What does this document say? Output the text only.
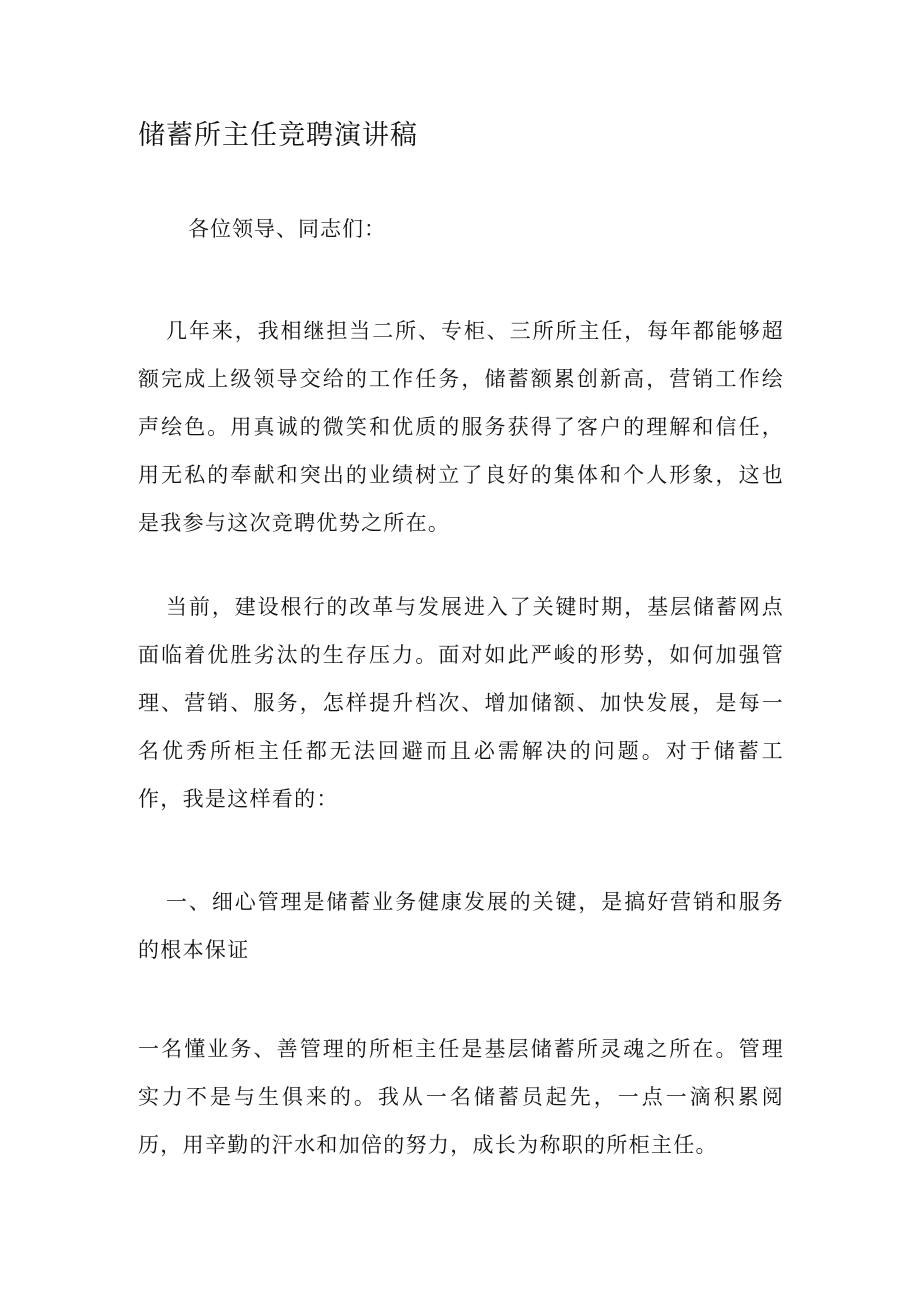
储蓄所主任竞聘演讲稿

各位领导、同志们：

几年来，我相继担当二所、专柜、三所所主任，每年都能够超额完成上级领导交给的工作任务，储蓄额累创新高，营销工作绘声绘色。用真诚的微笑和优质的服务获得了客户的理解和信任，用无私的奉献和突出的业绩树立了良好的集体和个人形象，这也是我参与这次竞聘优势之所在。

当前，建设根行的改革与发展进入了关键时期，基层储蓄网点面临着优胜劣汰的生存压力。面对如此严峻的形势，如何加强管理、营销、服务，怎样提升档次、增加储额、加快发展，是每一名优秀所柜主任都无法回避而且必需解决的问题。对于储蓄工作，我是这样看的：

一、细心管理是储蓄业务健康发展的关键，是搞好营销和服务的根本保证

一名懂业务、善管理的所柜主任是基层储蓄所灵魂之所在。管理实力不是与生俱来的。我从一名储蓄员起先，一点一滴积累阅历，用辛勤的汗水和加倍的努力，成长为称职的所柜主任。
